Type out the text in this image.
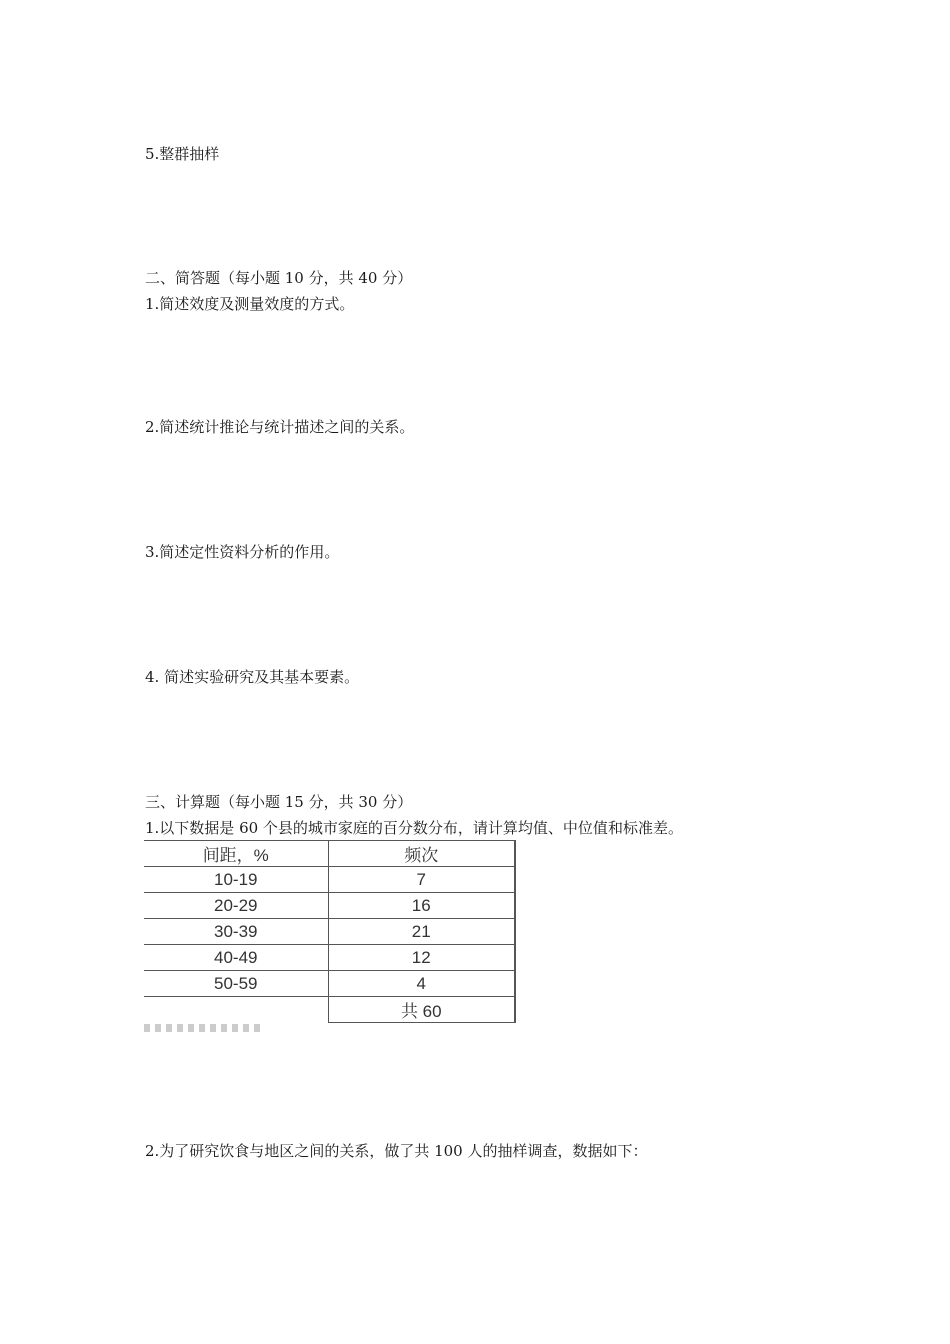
5.整群抽样
二、简答题（每小题 10 分，共 40 分）
1.简述效度及测量效度的方式。
2.简述统计推论与统计描述之间的关系。
3.简述定性资料分析的作用。
4. 简述实验研究及其基本要素。
三、计算题（每小题 15 分，共 30 分）
1.以下数据是 60 个县的城市家庭的百分数分布，请计算均值、中位值和标准差。
间距，%	频次
10-19	7
20-29	16
30-39	21
40-49	12
50-59	4
	共 60
2.为了研究饮食与地区之间的关系，做了共 100 人的抽样调查，数据如下：
